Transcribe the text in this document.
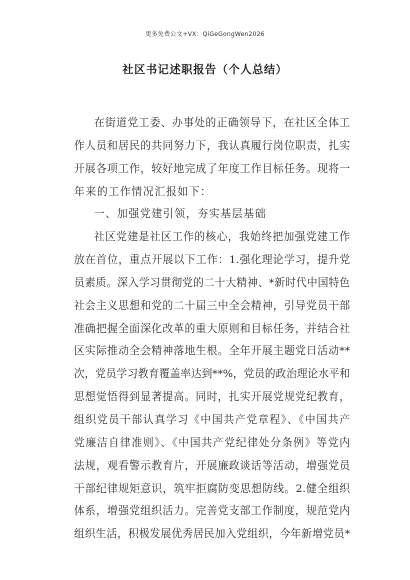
更多免费公文+VX：QiGeGongWen2026
社区书记述职报告（个人总结）
在街道党工委、办事处的正确领导下，在社区全体工
作人员和居民的共同努力下，我认真履行岗位职责，扎实
开展各项工作，较好地完成了年度工作目标任务。现将一
年来的工作情况汇报如下：
一、加强党建引领，夯实基层基础
社区党建是社区工作的核心，我始终把加强党建工作
放在首位，重点开展以下工作：1.强化理论学习，提升党
员素质。深入学习贯彻党的二十大精神、*新时代中国特色
社会主义思想和党的二十届三中全会精神，引导党员干部
准确把握全面深化改革的重大原则和目标任务，并结合社
区实际推动全会精神落地生根。全年开展主题党日活动**
次，党员学习教育覆盖率达到**%，党员的政治理论水平和
思想觉悟得到显著提高。同时，扎实开展党规党纪教育，
组织党员干部认真学习《中国共产党章程》、《中国共产
党廉洁自律准则》、《中国共产党纪律处分条例》等党内
法规，观看警示教育片，开展廉政谈话等活动，增强党员
干部纪律规矩意识，筑牢拒腐防变思想防线。2.健全组织
体系，增强党组织活力。完善党支部工作制度，规范党内
组织生活，积极发展优秀居民加入党组织，今年新增党员*
